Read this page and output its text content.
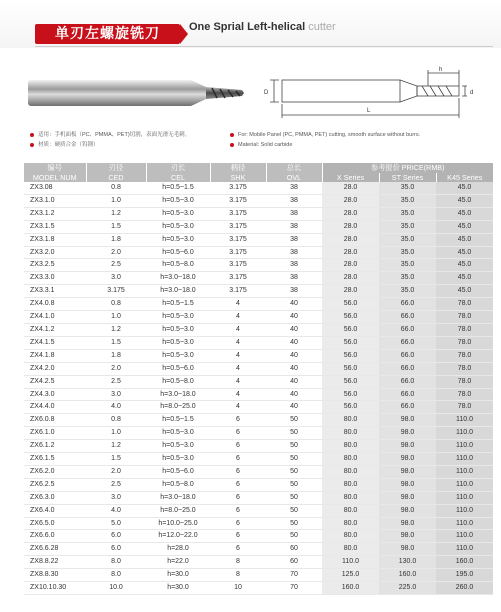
单刃左螺旋铣刀	One Sprial Left-helical cutter
h
D	d
L
适用：手机面板（PC、PMMA、PET)切割，表面光滑无毛刺。
材质：硬质合金（钨钢）
For: Mobile Panel (PC, PMMA, PET) cutting, smooth surface without burrs.
Material: Solid carbide
编号	刃径	刃长	柄径	总长	参考报价 PRICE(RMB)		
MODEL NUM	CED	CEL	SHK	OVL	X Series	ST Series	K45 Series
ZX3.08	0.8	h=0.5~1.5	3.175	38	28.0	35.0	45.0
ZX3.1.0	1.0	h=0.5~3.0	3.175	38	28.0	35.0	45.0
ZX3.1.2	1.2	h=0.5~3.0	3.175	38	28.0	35.0	45.0
ZX3.1.5	1.5	h=0.5~3.0	3.175	38	28.0	35.0	45.0
ZX3.1.8	1.8	h=0.5~3.0	3.175	38	28.0	35.0	45.0
ZX3.2.0	2.0	h=0.5~6.0	3.175	38	28.0	35.0	45.0
ZX3.2.5	2.5	h=0.5~8.0	3.175	38	28.0	35.0	45.0
ZX3.3.0	3.0	h=3.0~18.0	3.175	38	28.0	35.0	45.0
ZX3.3.1	3.175	h=3.0~18.0	3.175	38	28.0	35.0	45.0
ZX4.0.8	0.8	h=0.5~1.5	4	40	56.0	66.0	78.0
ZX4.1.0	1.0	h=0.5~3.0	4	40	56.0	66.0	78.0
ZX4.1.2	1.2	h=0.5~3.0	4	40	56.0	66.0	78.0
ZX4.1.5	1.5	h=0.5~3.0	4	40	56.0	66.0	78.0
ZX4.1.8	1.8	h=0.5~3.0	4	40	56.0	66.0	78.0
ZX4.2.0	2.0	h=0.5~6.0	4	40	56.0	66.0	78.0
ZX4.2.5	2.5	h=0.5~8.0	4	40	56.0	66.0	78.0
ZX4.3.0	3.0	h=3.0~18.0	4	40	56.0	66.0	78.0
ZX4.4.0	4.0	h=8.0~25.0	4	40	56.0	66.0	78.0
ZX6.0.8	0.8	h=0.5~1.5	6	50	80.0	98.0	110.0
ZX6.1.0	1.0	h=0.5~3.0	6	50	80.0	98.0	110.0
ZX6.1.2	1.2	h=0.5~3.0	6	50	80.0	98.0	110.0
ZX6.1.5	1.5	h=0.5~3.0	6	50	80.0	98.0	110.0
ZX6.2.0	2.0	h=0.5~6.0	6	50	80.0	98.0	110.0
ZX6.2.5	2.5	h=0.5~8.0	6	50	80.0	98.0	110.0
ZX6.3.0	3.0	h=3.0~18.0	6	50	80.0	98.0	110.0
ZX6.4.0	4.0	h=8.0~25.0	6	50	80.0	98.0	110.0
ZX6.5.0	5.0	h=10.0~25.0	6	50	80.0	98.0	110.0
ZX6.6.0	6.0	h=12.0~22.0	6	50	80.0	98.0	110.0
ZX6.6.28	6.0	h=28.0	6	60	80.0	98.0	110.0
ZX8.8.22	8.0	h=22.0	8	60	110.0	130.0	160.0
ZX8.8.30	8.0	h=30.0	8	70	125.0	160.0	195.0
ZX10.10.30	10.0	h=30.0	10	70	160.0	225.0	260.0
